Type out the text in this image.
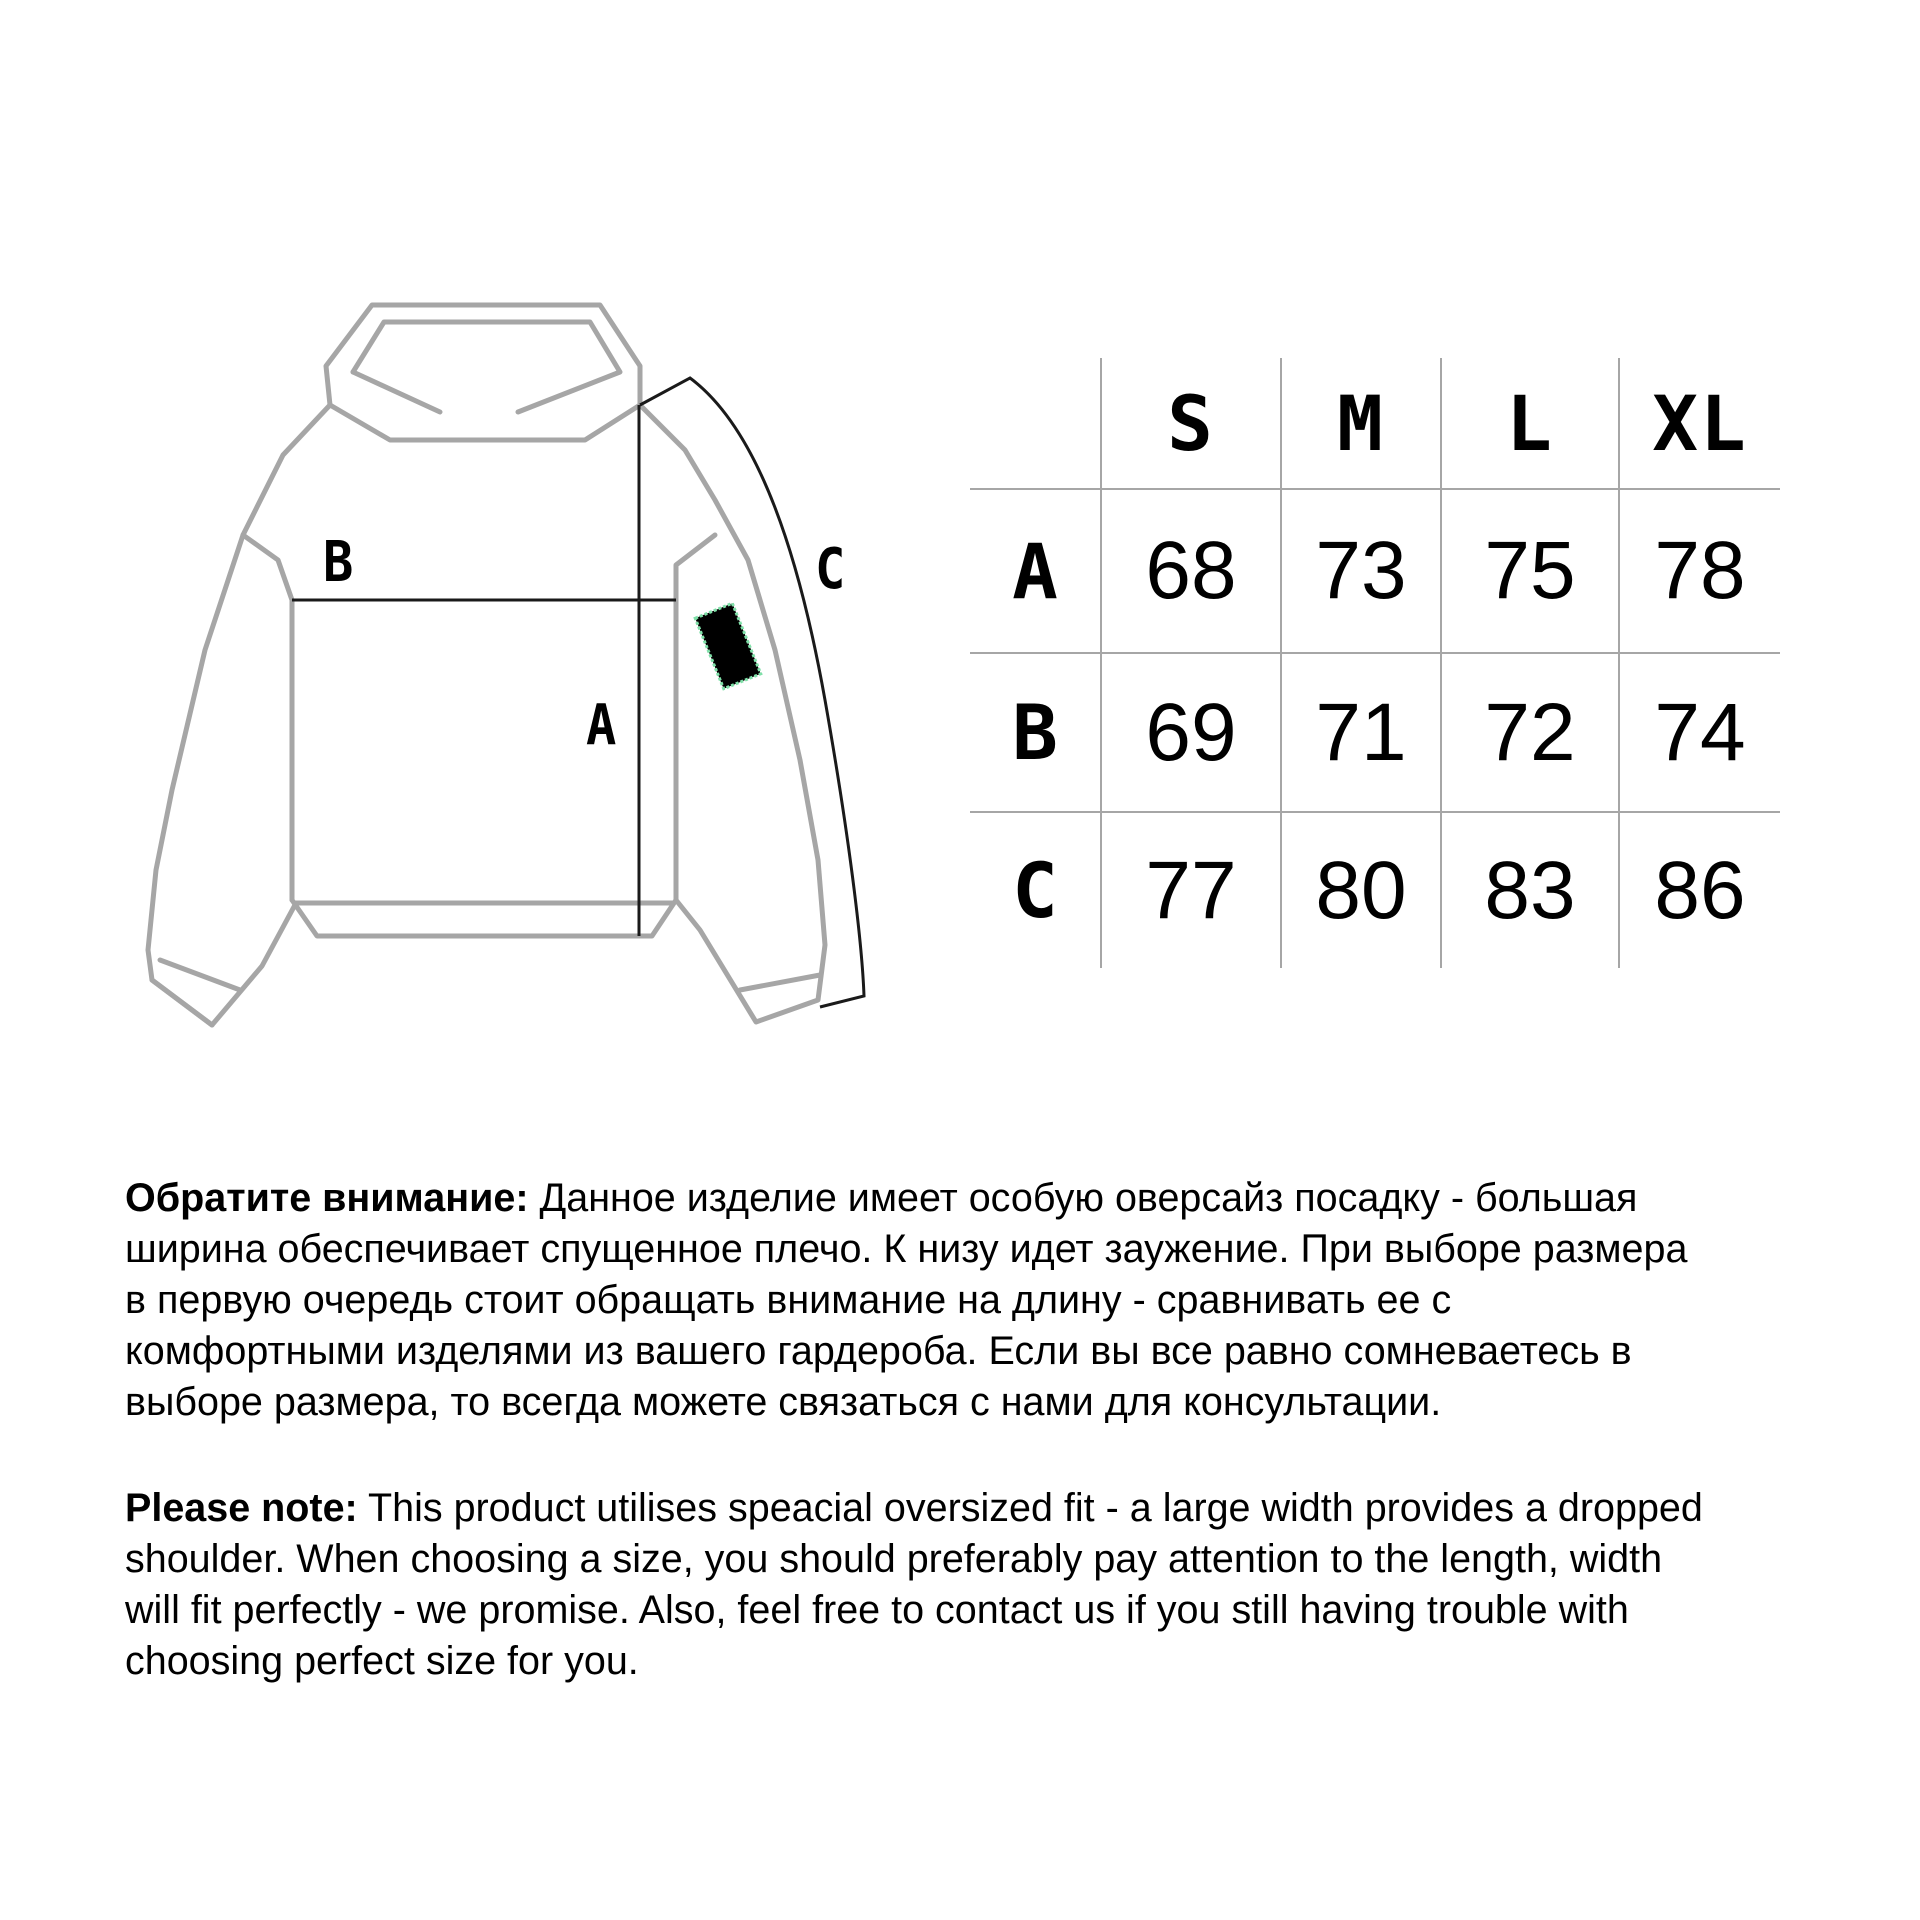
B
A
C
S	M	L	XL
A	68 73 75 78
B	69 71 72 74
C	77 80 83 86
Обратите внимание: Данное изделие имеет особую оверсайз посадку - большая
ширина обеспечивает спущенное плечо. К низу идет заужение. При выборе размера
в первую очередь стоит обращать внимание на длину - сравнивать ее с
комфортными изделями из вашего гардероба. Если вы все равно сомневаетесь в
выборе размера, то всегда можете связаться с нами для консультации.
Please note: This product utilises speacial oversized fit - a large width provides a dropped
shoulder. When choosing a size, you should preferably pay attention to the length, width
will fit perfectly - we promise. Also, feel free to contact us if you still having trouble with
choosing perfect size for you.
